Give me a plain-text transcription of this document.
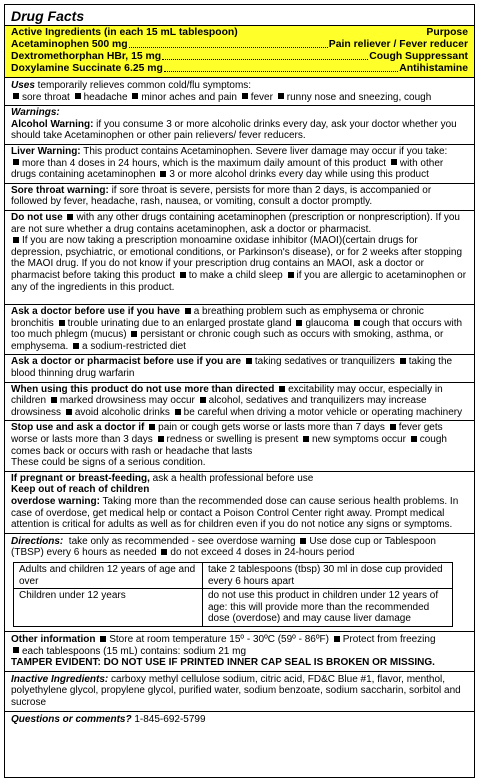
Drug Facts
Active Ingredients (in each 15 mL tablespoon)	Purpose
Acetaminophen 500 mg	Pain reliever / Fever reducer
Dextromethorphan HBr, 15 mg	Cough Suppressant
Doxylamine Succinate 6.25 mg	Antihistamine
Uses temporarily relieves common cold/flu symptoms:
sore throat headache minor aches and pain fever runny nose and sneezing, cough
Warnings:
Alcohol Warning: if you consume 3 or more alcoholic drinks every day, ask your doctor whether you should take Acetaminophen or other pain relievers/ fever reducers.
Liver Warning: This product contains Acetaminophen. Severe liver damage may occur if you take:
more than 4 doses in 24 hours, which is the maximum daily amount of this product with other drugs containing acetaminophen 3 or more alcohol drinks every day while using this product
Sore throat warning: if sore throat is severe, persists for more than 2 days, is accompanied or followed by fever, headache, rash, nausea, or vomiting, consult a doctor promptly.
Do not use with any other drugs containing acetaminophen (prescription or nonprescription). If you are not sure whether a drug contains acetaminophen, ask a doctor or pharmacist.
If you are now taking a prescription monoamine oxidase inhibitor (MAOI)(certain drugs for depression, psychiatric, or emotional conditions, or Parkinson's disease), or for 2 weeks after stopping the MAOI drug. If you do not know if your prescription drug contains an MAOI, ask a doctor or pharmacist before taking this product to make a child sleep if you are allergic to acetaminophen or any of the ingredients in this product.
Ask a doctor before use if you have a breathing problem such as emphysema or chronic bronchitis trouble urinating due to an enlarged prostate gland glaucoma cough that occurs with too much phlegm (mucus) persistant or chronic cough such as occurs with smoking, asthma, or emphysema. a sodium-restricted diet
Ask a doctor or pharmacist before use if you are taking sedatives or tranquilizers taking the blood thinning drug warfarin
When using this product do not use more than directed excitability may occur, especially in children marked drowsiness may occur alcohol, sedatives and tranquilizers may increase drowsiness avoid alcoholic drinks be careful when driving a motor vehicle or operating machinery
Stop use and ask a doctor if pain or cough gets worse or lasts more than 7 days fever gets worse or lasts more than 3 days redness or swelling is present new symptoms occur cough comes back or occurs with rash or headache that lasts
These could be signs of a serious condition.
If pregnant or breast-feeding, ask a health professional before use
Keep out of reach of children
overdose warning: Taking more than the recommended dose can cause serious health problems. In case of overdose, get medical help or contact a Poison Control Center right away. Prompt medical attention is critical for adults as well as for children even if you do not notice any signs or symptoms.
Directions: take only as recommended - see overdose warning Use dose cup or Tablespoon (TBSP) every 6 hours as needed do not exceed 4 doses in 24-hours period
Adults and children 12 years of age and over	take 2 tablespoons (tbsp) 30 ml in dose cup provided every 6 hours apart
Children under 12 years	do not use this product in children under 12 years of age: this will provide more than the recommended dose (overdose) and may cause liver damage
Other information Store at room temperature 15º - 30ºC (59º - 86ºF) Protect from freezing
each tablespoons (15 mL) contains: sodium 21 mg
TAMPER EVIDENT: DO NOT USE IF PRINTED INNER CAP SEAL IS BROKEN OR MISSING.
Inactive Ingredients: carboxy methyl cellulose sodium, citric acid, FD&C Blue #1, flavor, menthol, polyethylene glycol, propylene glycol, purified water, sodium benzoate, sodium saccharin, sorbitol and sucrose
Questions or comments? 1-845-692-5799
